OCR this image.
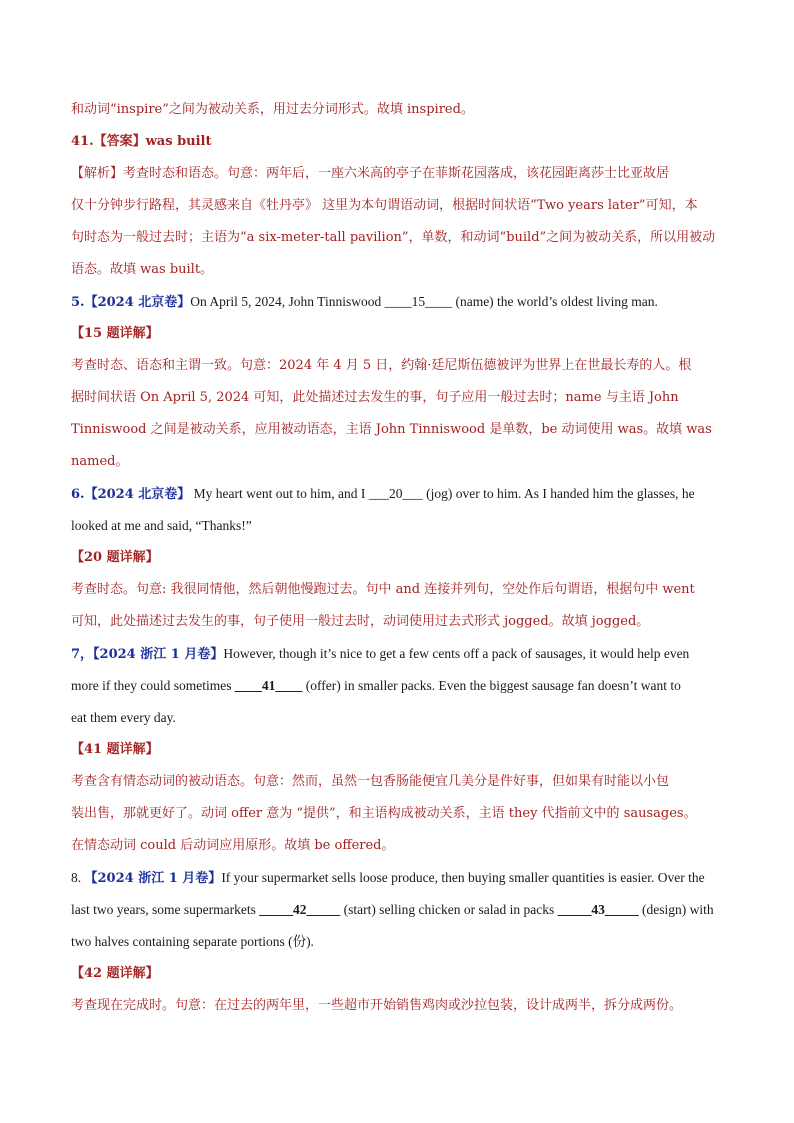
和动词“inspire”之间为被动关系，用过去分词形式。故填 inspired。
41.【答案】was built
【解析】考查时态和语态。句意：两年后，一座六米高的亭子在菲斯花园落成，该花园距离莎士比亚故居
仅十分钟步行路程，其灵感来自《牡丹亭》 这里为本句谓语动词，根据时间状语“Two years later”可知，本
句时态为一般过去时；主语为“a six-meter-tall pavilion”，单数，和动词“build”之间为被动关系，所以用被动
语态。故填 was built。
5.【2024 北京卷】On April 5, 2024, John Tinniswood ____15____ (name) the world’s oldest living man.
【15 题详解】
考查时态、语态和主谓一致。句意：2024 年 4 月 5 日，约翰·廷尼斯伍德被评为世界上在世最长寿的人。根
据时间状语 On April 5, 2024 可知，此处描述过去发生的事，句子应用一般过去时；name 与主语 John
Tinniswood 之间是被动关系，应用被动语态，主语 John Tinniswood 是单数，be 动词使用 was。故填 was
named。
6.【2024 北京卷】 My heart went out to him, and I ___20___ (jog) over to him. As I handed him the glasses, he
looked at me and said, “Thanks!”
【20 题详解】
考查时态。句意: 我很同情他，然后朝他慢跑过去。句中 and 连接并列句，空处作后句谓语，根据句中 went
可知，此处描述过去发生的事，句子使用一般过去时，动词使用过去式形式 jogged。故填 jogged。
7，【2024 浙江 1 月卷】However, though it’s nice to get a few cents off a pack of sausages, it would help even
more if they could sometimes ____41____ (offer) in smaller packs. Even the biggest sausage fan doesn’t want to
eat them every day.
【41 题详解】
考查含有情态动词的被动语态。句意：然而，虽然一包香肠能便宜几美分是件好事，但如果有时能以小包
装出售，那就更好了。动词 offer 意为 “提供”，和主语构成被动关系，主语 they 代指前文中的 sausages。
在情态动词 could 后动词应用原形。故填 be offered。
8. 【2024 浙江 1 月卷】If your supermarket sells loose produce, then buying smaller quantities is easier. Over the
last two years, some supermarkets _____42_____ (start) selling chicken or salad in packs _____43_____ (design) with
two halves containing separate portions (份).
【42 题详解】
考查现在完成时。句意：在过去的两年里，一些超市开始销售鸡肉或沙拉包装，设计成两半，拆分成两份。
